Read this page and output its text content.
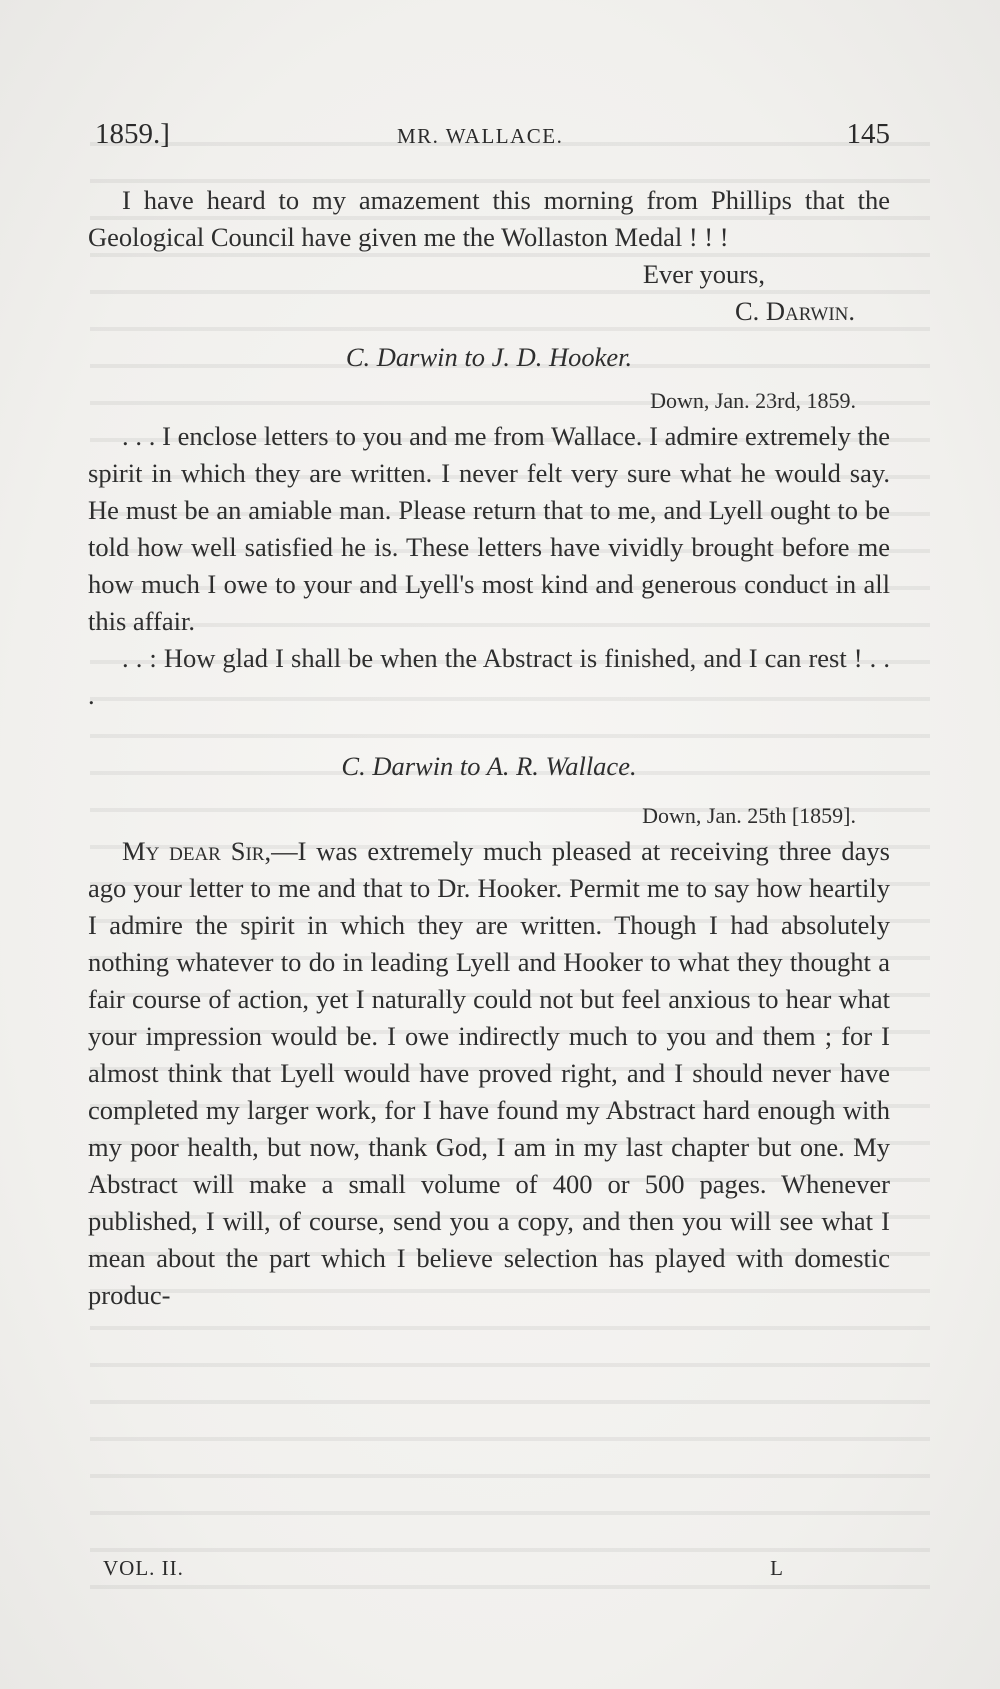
1859.]	MR. WALLACE.	145

I have heard to my amazement this morning from Phillips that the Geological Council have given me the Wollaston Medal ! ! !

Ever yours,

C. Darwin.

C. Darwin to J. D. Hooker.

Down, Jan. 23rd, 1859.

. . . I enclose letters to you and me from Wallace. I admire extremely the spirit in which they are written. I never felt very sure what he would say. He must be an amiable man. Please return that to me, and Lyell ought to be told how well satisfied he is. These letters have vividly brought before me how much I owe to your and Lyell's most kind and generous conduct in all this affair.

. . : How glad I shall be when the Abstract is finished, and I can rest ! . . .

C. Darwin to A. R. Wallace.

Down, Jan. 25th [1859].

My dear Sir,—I was extremely much pleased at receiving three days ago your letter to me and that to Dr. Hooker. Permit me to say how heartily I admire the spirit in which they are written. Though I had absolutely nothing whatever to do in leading Lyell and Hooker to what they thought a fair course of action, yet I naturally could not but feel anxious to hear what your impression would be. I owe indirectly much to you and them ; for I almost think that Lyell would have proved right, and I should never have completed my larger work, for I have found my Abstract hard enough with my poor health, but now, thank God, I am in my last chapter but one. My Abstract will make a small volume of 400 or 500 pages. Whenever published, I will, of course, send you a copy, and then you will see what I mean about the part which I believe selection has played with domestic produc-

VOL. II.	L
